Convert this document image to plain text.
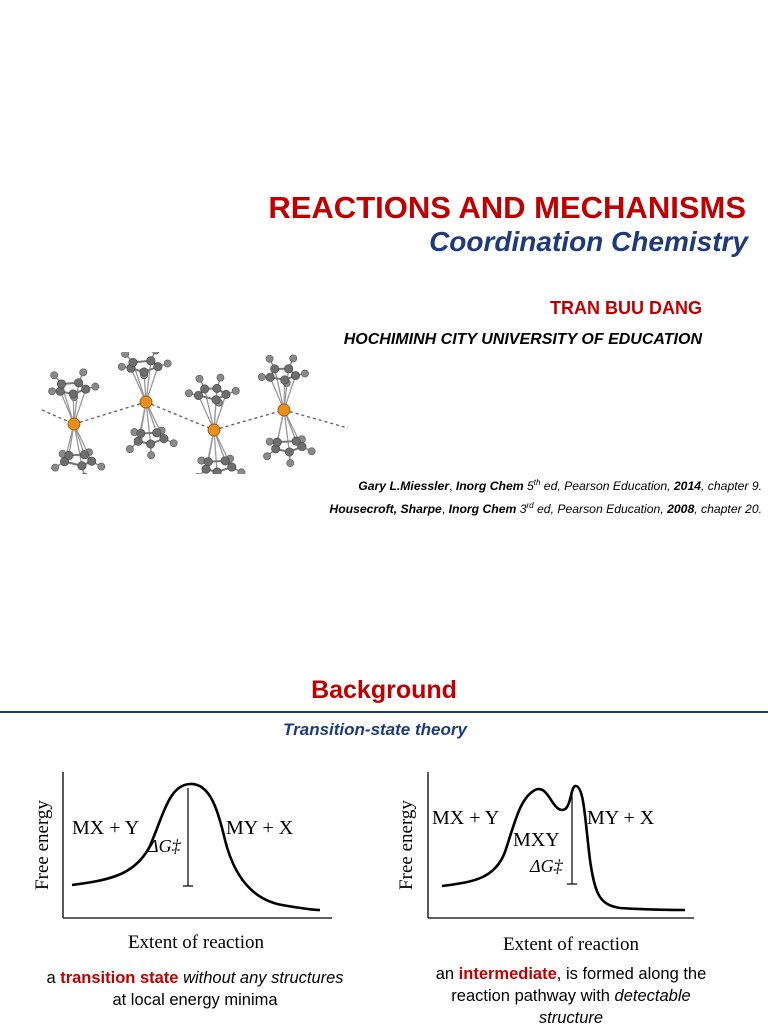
REACTIONS AND MECHANISMS
Coordination Chemistry
TRAN BUU DANG
HOCHIMINH CITY UNIVERSITY OF EDUCATION
Gary L.Miessler, Inorg Chem 5th ed, Pearson Education, 2014, chapter 9.
Housecroft, Sharpe, Inorg Chem 3rd ed, Pearson Education, 2008, chapter 20.
Background
Transition-state theory
Free energy MX + Y	MY + X
ΔG‡
Extent of reaction
Free energy MX + Y
MXY
MY + X
ΔG‡
Extent of reaction
a transition state without any structures
at local energy minima
an intermediate, is formed along the
reaction pathway with detectable
structure
